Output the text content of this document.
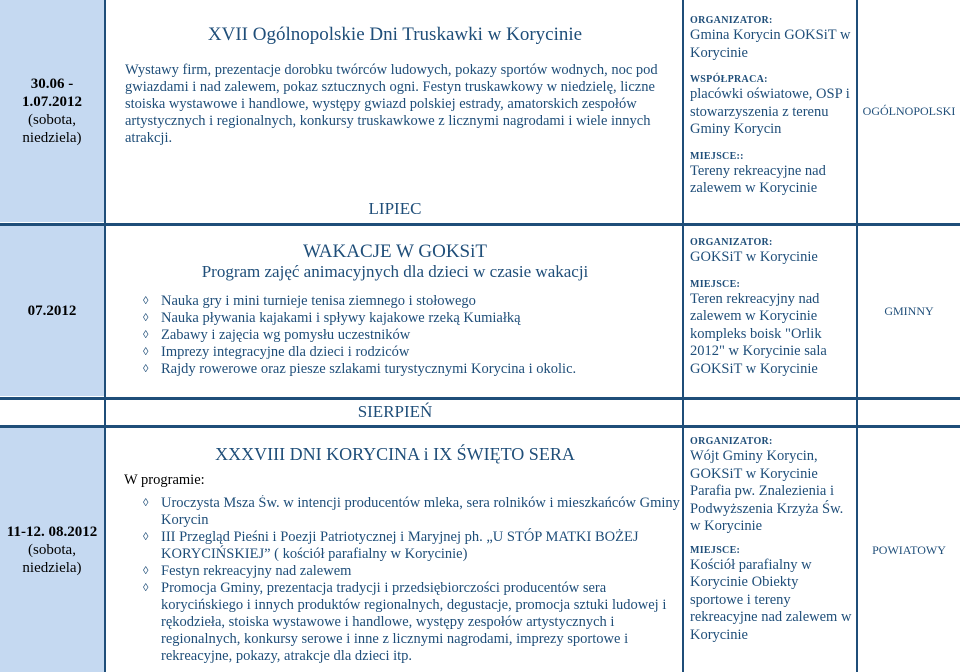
30.06 - 1.07.2012
(sobota, niedziela)
XVII Ogólnopolskie Dni Truskawki w Korycinie
Wystawy firm, prezentacje dorobku twórców ludowych, pokazy sportów wodnych, noc pod gwiazdami i nad zalewem, pokaz sztucznych ogni. Festyn truskawkowy w niedzielę, liczne stoiska wystawowe i handlowe, występy gwiazd polskiej estrady, amatorskich zespołów artystycznych i regionalnych, konkursy truskawkowe z licznymi nagrodami i wiele innych atrakcji.
LIPIEC
ORGANIZATOR:
Gmina Korycin GOKSiT w Korycinie
WSPÓŁPRACA:
placówki oświatowe, OSP i stowarzyszenia z terenu Gminy Korycin
MIEJSCE::
Tereny rekreacyjne nad zalewem w Korycinie
OGÓLNOPOLSKI
07.2012
WAKACJE W GOKSiT
Program zajęć animacyjnych dla dzieci w czasie wakacji
◊ Nauka gry i mini turnieje tenisa ziemnego i stołowego
◊ Nauka pływania kajakami i spływy kajakowe rzeką Kumiałką
◊ Zabawy i zajęcia wg pomysłu uczestników
◊ Imprezy integracyjne dla dzieci i rodziców
◊ Rajdy rowerowe oraz piesze szlakami turystycznymi Korycina i okolic.
ORGANIZATOR:
GOKSiT w Korycinie
MIEJSCE:
Teren rekreacyjny nad zalewem w Korycinie kompleks boisk "Orlik 2012" w Korycinie sala GOKSiT w Korycinie
GMINNY
SIERPIEŃ
11-12. 08.2012
(sobota, niedziela)
XXXVIII DNI KORYCINA i IX ŚWIĘTO SERA
W programie:
◊ Uroczysta Msza Św. w intencji producentów mleka, sera rolników i mieszkańców Gminy Korycin
◊ III Przegląd Pieśni i Poezji Patriotycznej i Maryjnej ph. „U STÓP MATKI BOŻEJ KORYCIŃSKIEJ” ( kościół parafialny w Korycinie)
◊ Festyn rekreacyjny nad zalewem
◊ Promocja Gminy, prezentacja tradycji i przedsiębiorczości producentów sera korycińskiego i innych produktów regionalnych, degustacje, promocja sztuki ludowej i rękodzieła, stoiska wystawowe i handlowe, występy zespołów artystycznych i regionalnych, konkursy serowe i inne z licznymi nagrodami, imprezy sportowe i rekreacyjne, pokazy, atrakcje dla dzieci itp.
ORGANIZATOR:
Wójt Gminy Korycin, GOKSiT w Korycinie Parafia pw. Znalezienia i Podwyższenia Krzyża Św. w Korycinie
MIEJSCE:
Kościół parafialny w Korycinie Obiekty sportowe i tereny rekreacyjne nad zalewem w Korycinie
POWIATOWY
